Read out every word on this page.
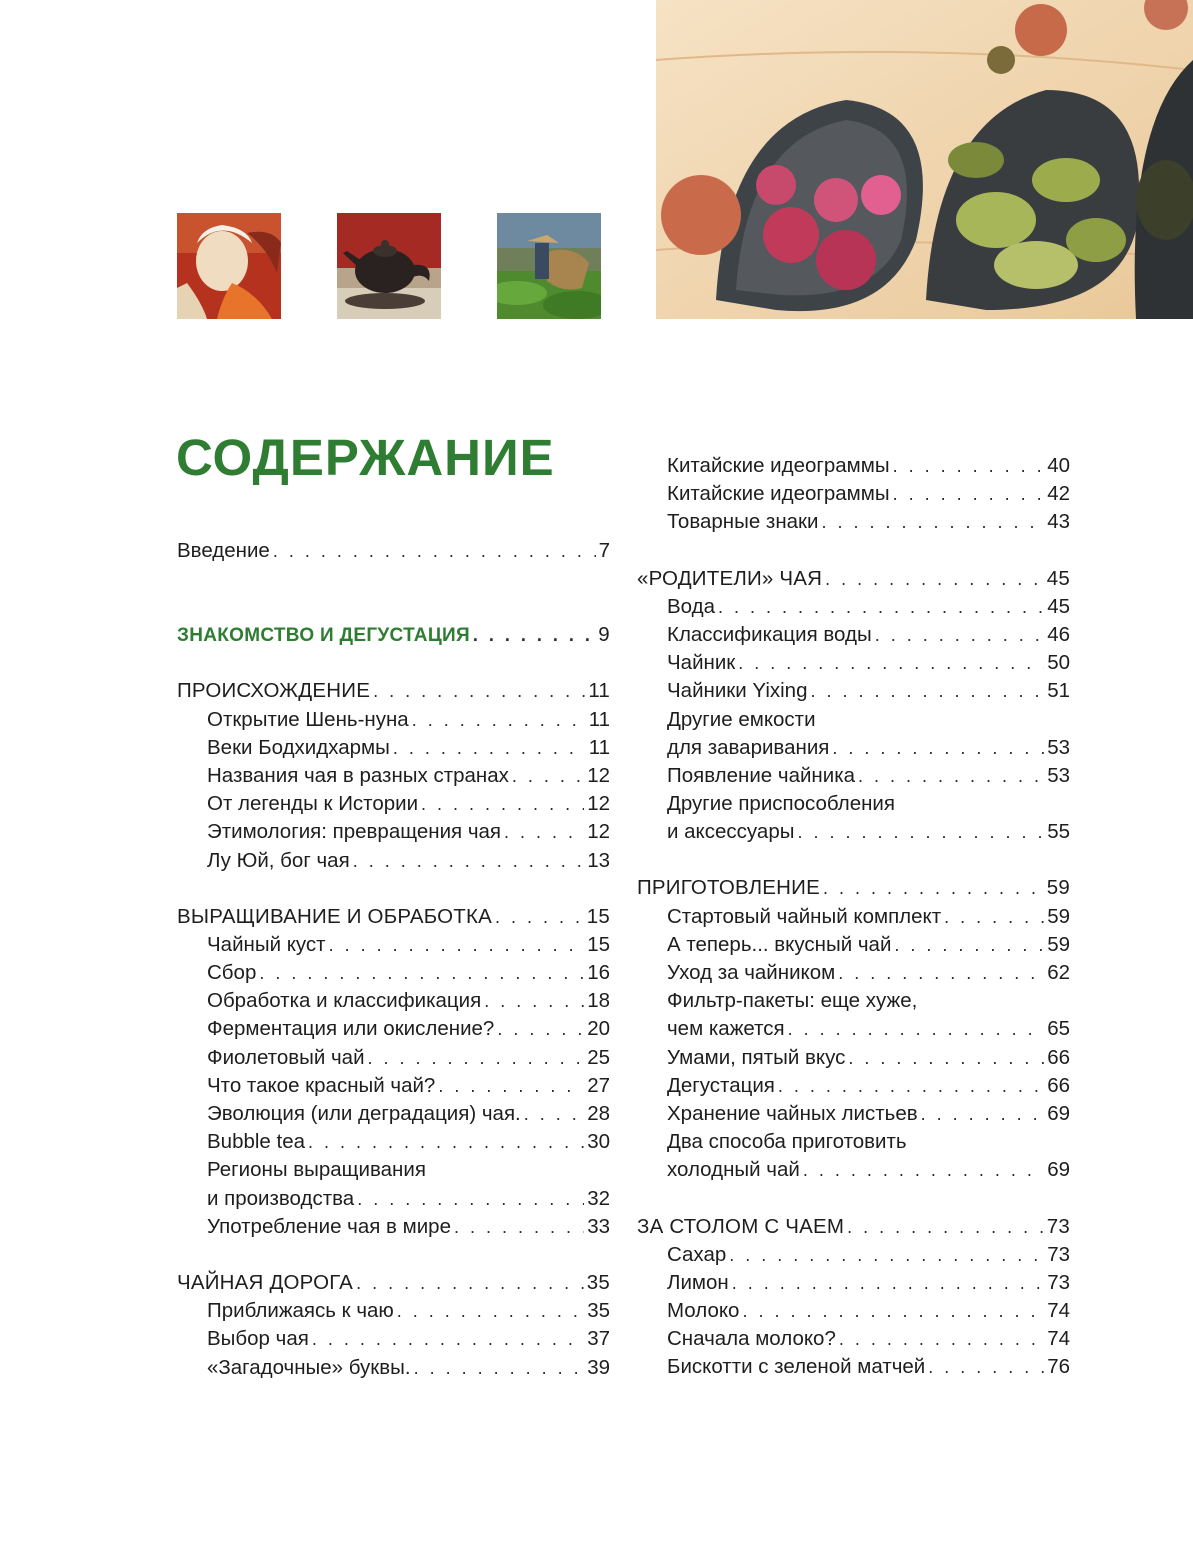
СОДЕРЖАНИЕ
Введение . . .	7
ЗНАКОМСТВО И ДЕГУСТАЦИЯ . . .	9
ПРОИСХОЖДЕНИЕ . . .	11
Открытие Шень-нуна . . .	11
Веки Бодхидхармы . . .	11
Названия чая в разных странах . . .	12
От легенды к Истории . . .	12
Этимология: превращения чая . . .	12
Лу Юй, бог чая . . .	13
ВЫРАЩИВАНИЕ И ОБРАБОТКА . . .	15
Чайный куст . . .	15
Сбор . . .	16
Обработка и классификация . . .	18
Ферментация или окисление? . . .	20
Фиолетовый чай . . .	25
Что такое красный чай? . . .	27
Эволюция (или деградация) чая. . . .	28
Bubble tea . . .	30
Регионы выращивания
и производства . . .	32
Употребление чая в мире . . .	33
ЧАЙНАЯ ДОРОГА . . .	35
Приближаясь к чаю . . .	35
Выбор чая . . .	37
«Загадочные» буквы. . . .	39
Китайские идеограммы . . .	40
Китайские идеограммы . . .	42
Товарные знаки . . .	43
«РОДИТЕЛИ» ЧАЯ . . .	45
Вода . . .	45
Классификация воды . . .	46
Чайник . . .	50
Чайники Yixing . . .	51
Другие емкости
для заваривания . . .	53
Появление чайника . . .	53
Другие приспособления
и аксессуары . . .	55
ПРИГОТОВЛЕНИЕ . . .	59
Стартовый чайный комплект . . .	59
А теперь... вкусный чай . . .	59
Уход за чайником . . .	62
Фильтр-пакеты: еще хуже,
чем кажется . . .	65
Умами, пятый вкус . . .	66
Дегустация . . .	66
Хранение чайных листьев . . .	69
Два способа приготовить
холодный чай . . .	69
ЗА СТОЛОМ С ЧАЕМ . . .	73
Сахар . . .	73
Лимон . . .	73
Молоко . . .	74
Сначала молоко? . . .	74
Бискотти с зеленой матчей . . .	76
